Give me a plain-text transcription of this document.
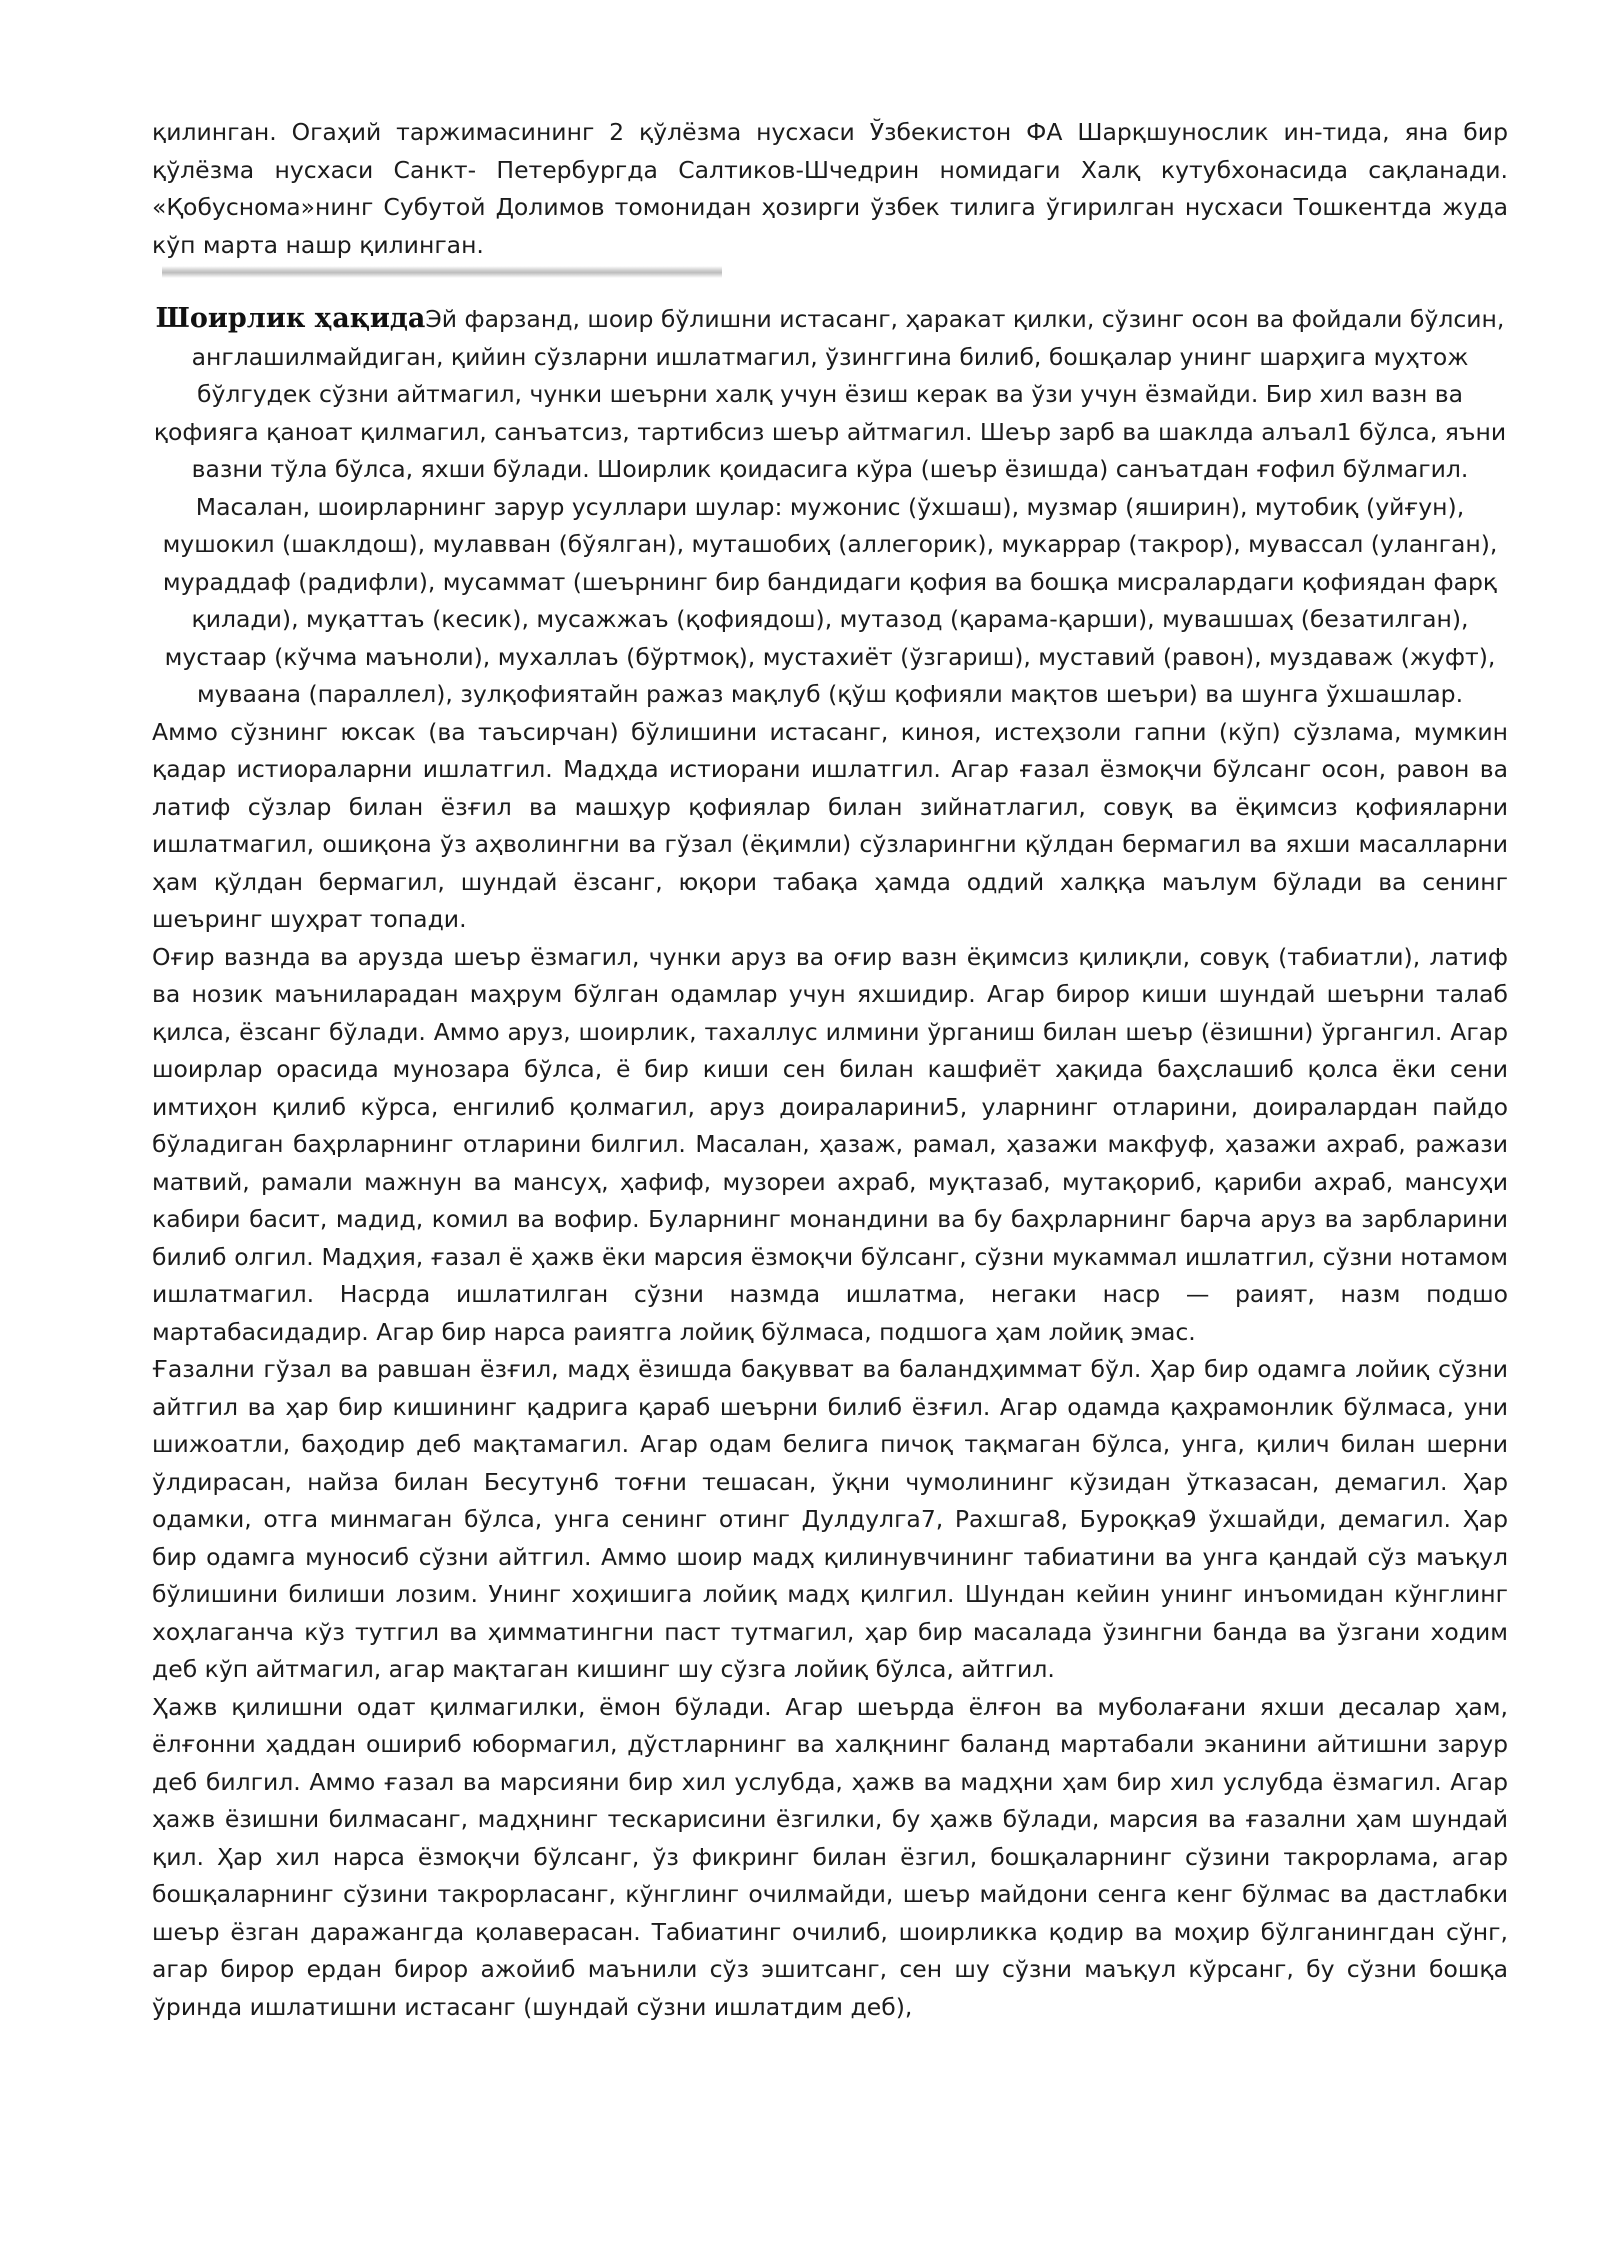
қилинган. Огаҳий таржимасининг 2 қўлёзма нусхаси Ўзбекистон ФА Шарқшунослик ин-тида, яна бир қўлёзма нусхаси Санкт- Петербургда Салтиков-Шчедрин номидаги Халқ кутубхонасида сақланади. «Қобуснома»нинг Субутой Долимов томонидан ҳозирги ўзбек тилига ўгирилган нусхаси Тошкентда жуда кўп марта нашр қилинган.

Шоирлик ҳақидаЭй фарзанд, шоир бўлишни истасанг, ҳаракат қилки, сўзинг осон ва фойдали бўлсин, англашилмайдиган, қийин сўзларни ишлатмагил, ўзинггина билиб, бошқалар унинг шарҳига муҳтож бўлгудек сўзни айтмагил, чунки шеърни халқ учун ёзиш керак ва ўзи учун ёзмайди. Бир хил вазн ва қофияга қаноат қилмагил, санъатсиз, тартибсиз шеър айтмагил. Шеър зарб ва шаклда алъал1 бўлса, яъни вазни тўла бўлса, яхши бўлади. Шоирлик қоидасига кўра (шеър ёзишда) санъатдан ғофил бўлмагил. Масалан, шоирларнинг зарур усуллари шулар: мужонис (ўхшаш), музмар (яширин), мутобиқ (уйғун), мушокил (шаклдош), мулавван (бўялган), муташобиҳ (аллегорик), мукаррар (такрор), мувассал (уланган), мураддаф (радифли), мусаммат (шеърнинг бир бандидаги қофия ва бошқа мисралардаги қофиядан фарқ қилади), муқаттаъ (кесик), мусажжаъ (қофиядош), мутазод (қарама-қарши), мувашшаҳ (безатилган), мустаар (кўчма маъноли), мухаллаъ (бўртмоқ), мустахиёт (ўзгариш), муставий (равон), муздаваж (жуфт), муваана (параллел), зулқофиятайн ражаз мақлуб (қўш қофияли мақтов шеъри) ва шунга ўхшашлар.

Аммо сўзнинг юксак (ва таъсирчан) бўлишини истасанг, киноя, истеҳзоли гапни (кўп) сўзлама, мумкин қадар истиораларни ишлатгил. Мадҳда истиорани ишлатгил. Агар ғазал ёзмоқчи бўлсанг осон, равон ва латиф сўзлар билан ёзғил ва машҳур қофиялар билан зийнатлагил, совуқ ва ёқимсиз қофияларни ишлатмагил, ошиқона ўз аҳволингни ва гўзал (ёқимли) сўзларингни қўлдан бермагил ва яхши масалларни ҳам қўлдан бермагил, шундай ёзсанг, юқори табақа ҳамда оддий халққа маълум бўлади ва сенинг шеъринг шуҳрат топади.

Оғир вазнда ва арузда шеър ёзмагил, чунки аруз ва оғир вазн ёқимсиз қилиқли, совуқ (табиатли), латиф ва нозик маъниларадан маҳрум бўлган одамлар учун яхшидир. Агар бирор киши шундай шеърни талаб қилса, ёзсанг бўлади. Аммо аруз, шоирлик, тахаллус илмини ўрганиш билан шеър (ёзишни) ўргангил. Агар шоирлар орасида мунозара бўлса, ё бир киши сен билан кашфиёт ҳақида баҳслашиб қолса ёки сени имтиҳон қилиб кўрса, енгилиб қолмагил, аруз доираларини5, уларнинг отларини, доиралардан пайдо бўладиган баҳрларнинг отларини билгил. Масалан, ҳазаж, рамал, ҳазажи макфуф, ҳазажи ахраб, ражази матвий, рамали мажнун ва мансуҳ, ҳафиф, музореи ахраб, муқтазаб, мутақориб, қариби ахраб, мансуҳи кабири басит, мадид, комил ва вофир. Буларнинг монандини ва бу баҳрларнинг барча аруз ва зарбларини билиб олгил. Мадҳия, ғазал ё ҳажв ёки марсия ёзмоқчи бўлсанг, сўзни мукаммал ишлатгил, сўзни нотамом ишлатмагил. Насрда ишлатилган сўзни назмда ишлатма, негаки наср — раият, назм подшо мартабасидадир. Агар бир нарса раиятга лойиқ бўлмаса, подшога ҳам лойиқ эмас.

Ғазални гўзал ва равшан ёзғил, мадҳ ёзишда бақувват ва баландҳиммат бўл. Ҳар бир одамга лойиқ сўзни айтгил ва ҳар бир кишининг қадрига қараб шеърни билиб ёзғил. Агар одамда қаҳрамонлик бўлмаса, уни шижоатли, баҳодир деб мақтамагил. Агар одам белига пичоқ тақмаган бўлса, унга, қилич билан шерни ўлдирасан, найза билан Бесутун6 тоғни тешасан, ўқни чумолининг кўзидан ўтказасан, демагил. Ҳар одамки, отга минмаган бўлса, унга сенинг отинг Дулдулга7, Рахшга8, Буроққа9 ўхшайди, демагил. Ҳар бир одамга муносиб сўзни айтгил. Аммо шоир мадҳ қилинувчининг табиатини ва унга қандай сўз маъқул бўлишини билиши лозим. Унинг хоҳишига лойиқ мадҳ қилгил. Шундан кейин унинг инъомидан кўнглинг хоҳлаганча кўз тутгил ва ҳимматингни паст тутмагил, ҳар бир масалада ўзингни банда ва ўзгани ходим деб кўп айтмагил, агар мақтаган кишинг шу сўзга лойиқ бўлса, айтгил.

Ҳажв қилишни одат қилмагилки, ёмон бўлади. Агар шеърда ёлғон ва муболағани яхши десалар ҳам, ёлғонни ҳаддан ошириб юбормагил, дўстларнинг ва халқнинг баланд мартабали эканини айтишни зарур деб билгил. Аммо ғазал ва марсияни бир хил услубда, ҳажв ва мадҳни ҳам бир хил услубда ёзмагил. Агар ҳажв ёзишни билмасанг, мадҳнинг тескарисини ёзгилки, бу ҳажв бўлади, марсия ва ғазални ҳам шундай қил. Ҳар хил нарса ёзмоқчи бўлсанг, ўз фикринг билан ёзгил, бошқаларнинг сўзини такрорлама, агар бошқаларнинг сўзини такрорласанг, кўнглинг очилмайди, шеър майдони сенга кенг бўлмас ва дастлабки шеър ёзган даражангда қолаверасан. Табиатинг очилиб, шоирликка қодир ва моҳир бўлганингдан сўнг, агар бирор ердан бирор ажойиб маънили сўз эшитсанг, сен шу сўзни маъқул кўрсанг, бу сўзни бошқа ўринда ишлатишни истасанг (шундай сўзни ишлатдим деб),
